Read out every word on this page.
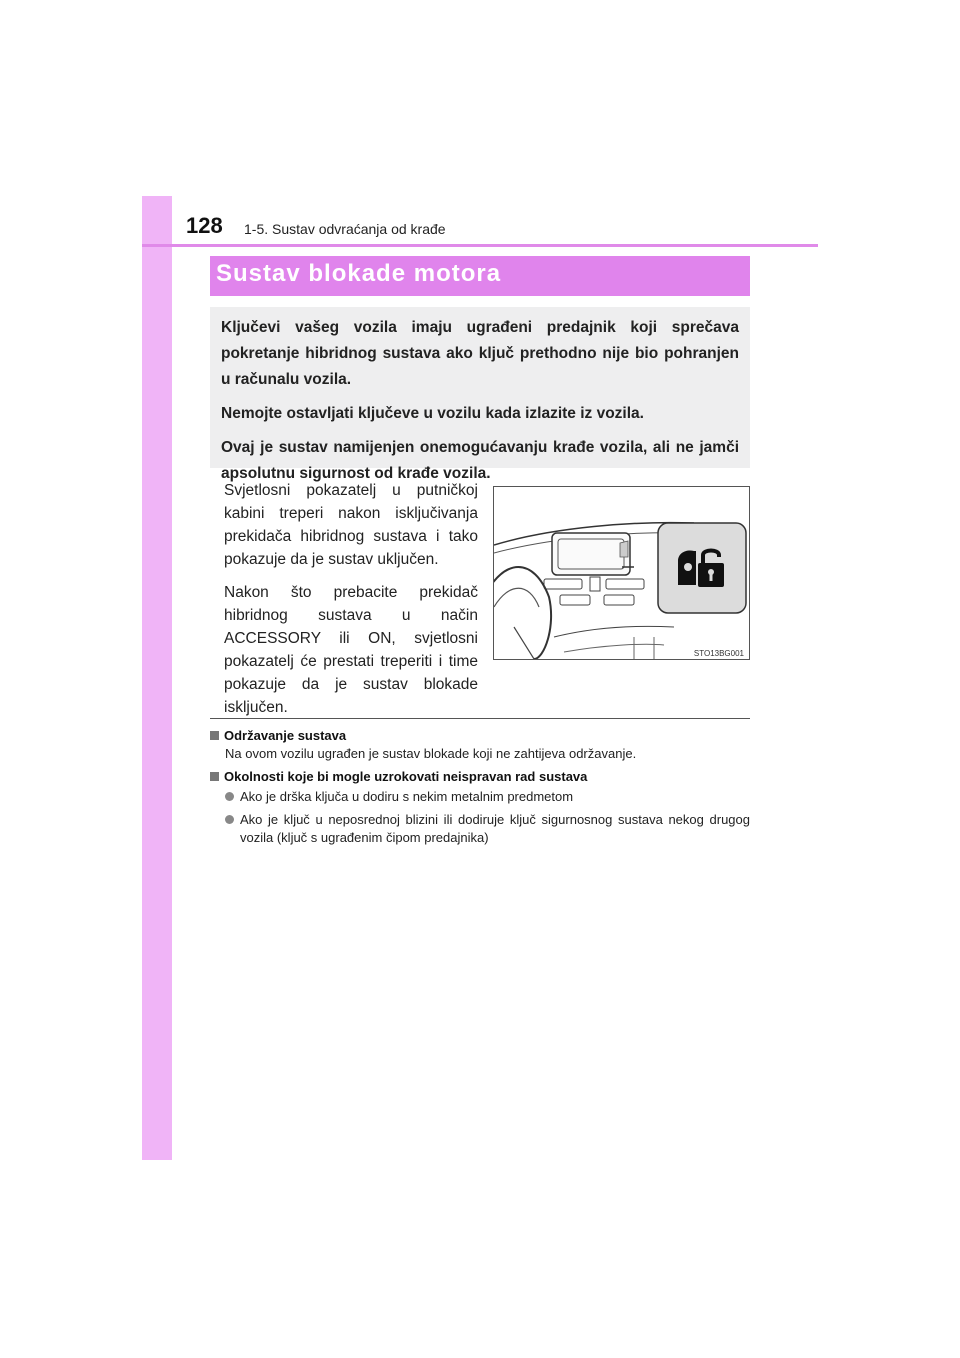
128 1-5. Sustav odvraćanja od krađe
Sustav blokade motora

Ključevi vašeg vozila imaju ugrađeni predajnik koji sprečava pokretanje hibridnog sustava ako ključ prethodno nije bio pohranjen u računalu vozila.

Nemojte ostavljati ključeve u vozilu kada izlazite iz vozila.

Ovaj je sustav namijenjen onemogućavanju krađe vozila, ali ne jamči apsolutnu sigurnost od krađe vozila.

Svjetlosni pokazatelj u putničkoj kabini treperi nakon isključivanja prekidača hibridnog sustava i tako pokazuje da je sustav uključen.

Nakon što prebacite prekidač hibridnog sustava u način ACCESSORY ili ON, svjetlosni pokazatelj će prestati treperiti i time pokazuje da je sustav blokade isključen.

STO13BG001
Održavanje sustava
Na ovom vozilu ugrađen je sustav blokade koji ne zahtijeva održavanje.
Okolnosti koje bi mogle uzrokovati neispravan rad sustava
Ako je drška ključa u dodiru s nekim metalnim predmetom
Ako je ključ u neposrednoj blizini ili dodiruje ključ sigurnosnog sustava nekog drugog vozila (ključ s ugrađenim čipom predajnika)
